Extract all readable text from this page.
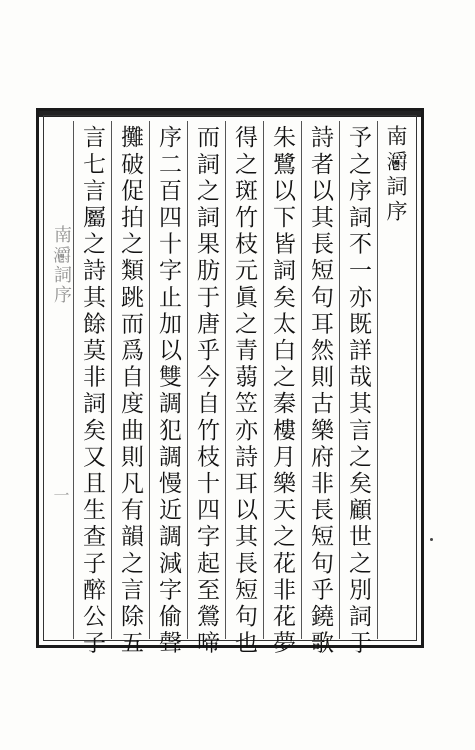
南𤅪詞序
一
南𤅪詞序
予之序詞不一亦既詳哉其言之矣顧世之別詞于
詩者以其長短句耳然則古樂府非長短句乎鐃歌
朱鷺以下皆詞矣太白之秦樓月樂天之花非花夢
得之斑竹枝元眞之青蒻笠亦詩耳以其長短句也
而詞之詞果肪于唐乎今自竹枝十四字起至鶯啼
序二百四十字止加以雙調犯調慢近調減字偷聲
攤破促拍之類跳而爲自度曲則凡有韻之言除五
言七言屬之詩其餘莫非詞矣又且生查子醉公子
